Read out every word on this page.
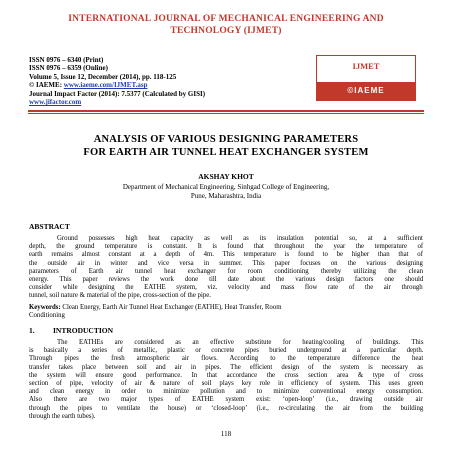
INTERNATIONAL JOURNAL OF MECHANICAL ENGINEERING AND
TECHNOLOGY (IJMET)
ISSN 0976 – 6340 (Print)
ISSN 0976 – 6359 (Online)
Volume 5, Issue 12, December (2014), pp. 118-125
© IAEME: www.iaeme.com/IJMET.asp
Journal Impact Factor (2014): 7.5377 (Calculated by GISI)
www.jifactor.com
IJMET
©IAEME
ANALYSIS OF VARIOUS DESIGNING PARAMETERS
FOR EARTH AIR TUNNEL HEAT EXCHANGER SYSTEM
AKSHAY KHOT
Department of Mechanical Engineering, Sinhgad College of Engineering,
Pune, Maharashtra, India
ABSTRACT
Ground possesses high heat capacity as well as its insulation potential so, at a sufficient
depth, the ground temperature is constant. It is found that throughout the year the temperature of
earth remains almost constant at a depth of 4m. This temperature is found to be higher than that of
the outside air in winter and vice versa in summer. This paper focuses on the various designing
parameters of Earth air tunnel heat exchanger for room conditioning thereby utilizing the clean
energy. This paper reviews the work done till date about the various design factors one should
consider while designing the EATHE system, viz. velocity and mass flow rate of the air through
tunnel, soil nature & material of the pipe, cross-section of the pipe.
Keywords: Clean Energy, Earth Air Tunnel Heat Exchanger (EATHE), Heat Transfer, Room
Conditioning
1. INTRODUCTION
The EATHEs are considered as an effective substitute for heating/cooling of buildings. This
is basically a series of metallic, plastic or concrete pipes buried underground at a particular depth.
Through pipes the fresh atmospheric air flows. According to the temperature difference the heat
transfer takes place between soil and air in pipes. The efficient design of the system is necessary as
the system will ensure good performance. In that accordance the cross section area & type of cross
section of pipe, velocity of air & nature of soil plays key role in efficiency of system. This uses green
and clean energy in order to minimize pollution and to minimize conventional energy consumption.
Also there are two major types of EATHE system exist: ‘open-loop’ (i.e., drawing outside air
through the pipes to ventilate the house) or ‘closed-loop’ (i.e., re-circulating the air from the building
through the earth tubes).
118
